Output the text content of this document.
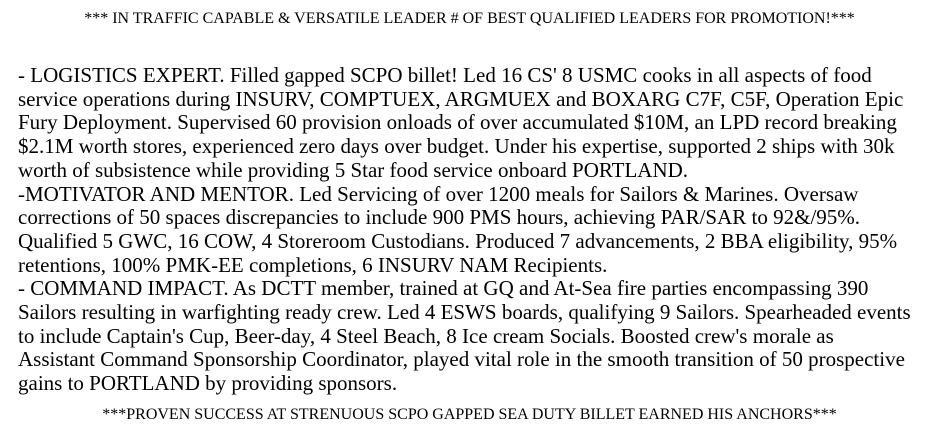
*** IN TRAFFIC CAPABLE & VERSATILE LEADER # OF BEST QUALIFIED LEADERS FOR PROMOTION!***
- LOGISTICS EXPERT. Filled gapped SCPO billet! Led 16 CS' 8 USMC cooks in all aspects of food
service operations during INSURV, COMPTUEX, ARGMUEX and BOXARG C7F, C5F, Operation Epic
Fury Deployment. Supervised 60 provision onloads of over accumulated $10M, an LPD record breaking
$2.1M worth stores, experienced zero days over budget. Under his expertise, supported 2 ships with 30k
worth of subsistence while providing 5 Star food service onboard PORTLAND.
-MOTIVATOR AND MENTOR. Led Servicing of over 1200 meals for Sailors & Marines. Oversaw
corrections of 50 spaces discrepancies to include 900 PMS hours, achieving PAR/SAR to 92&/95%.
Qualified 5 GWC, 16 COW, 4 Storeroom Custodians. Produced 7 advancements, 2 BBA eligibility, 95%
retentions, 100% PMK-EE completions, 6 INSURV NAM Recipients.
- COMMAND IMPACT. As DCTT member, trained at GQ and At-Sea fire parties encompassing 390
Sailors resulting in warfighting ready crew. Led 4 ESWS boards, qualifying 9 Sailors. Spearheaded events
to include Captain's Cup, Beer-day, 4 Steel Beach, 8 Ice cream Socials. Boosted crew's morale as
Assistant Command Sponsorship Coordinator, played vital role in the smooth transition of 50 prospective
gains to PORTLAND by providing sponsors.
***PROVEN SUCCESS AT STRENUOUS SCPO GAPPED SEA DUTY BILLET EARNED HIS ANCHORS***
